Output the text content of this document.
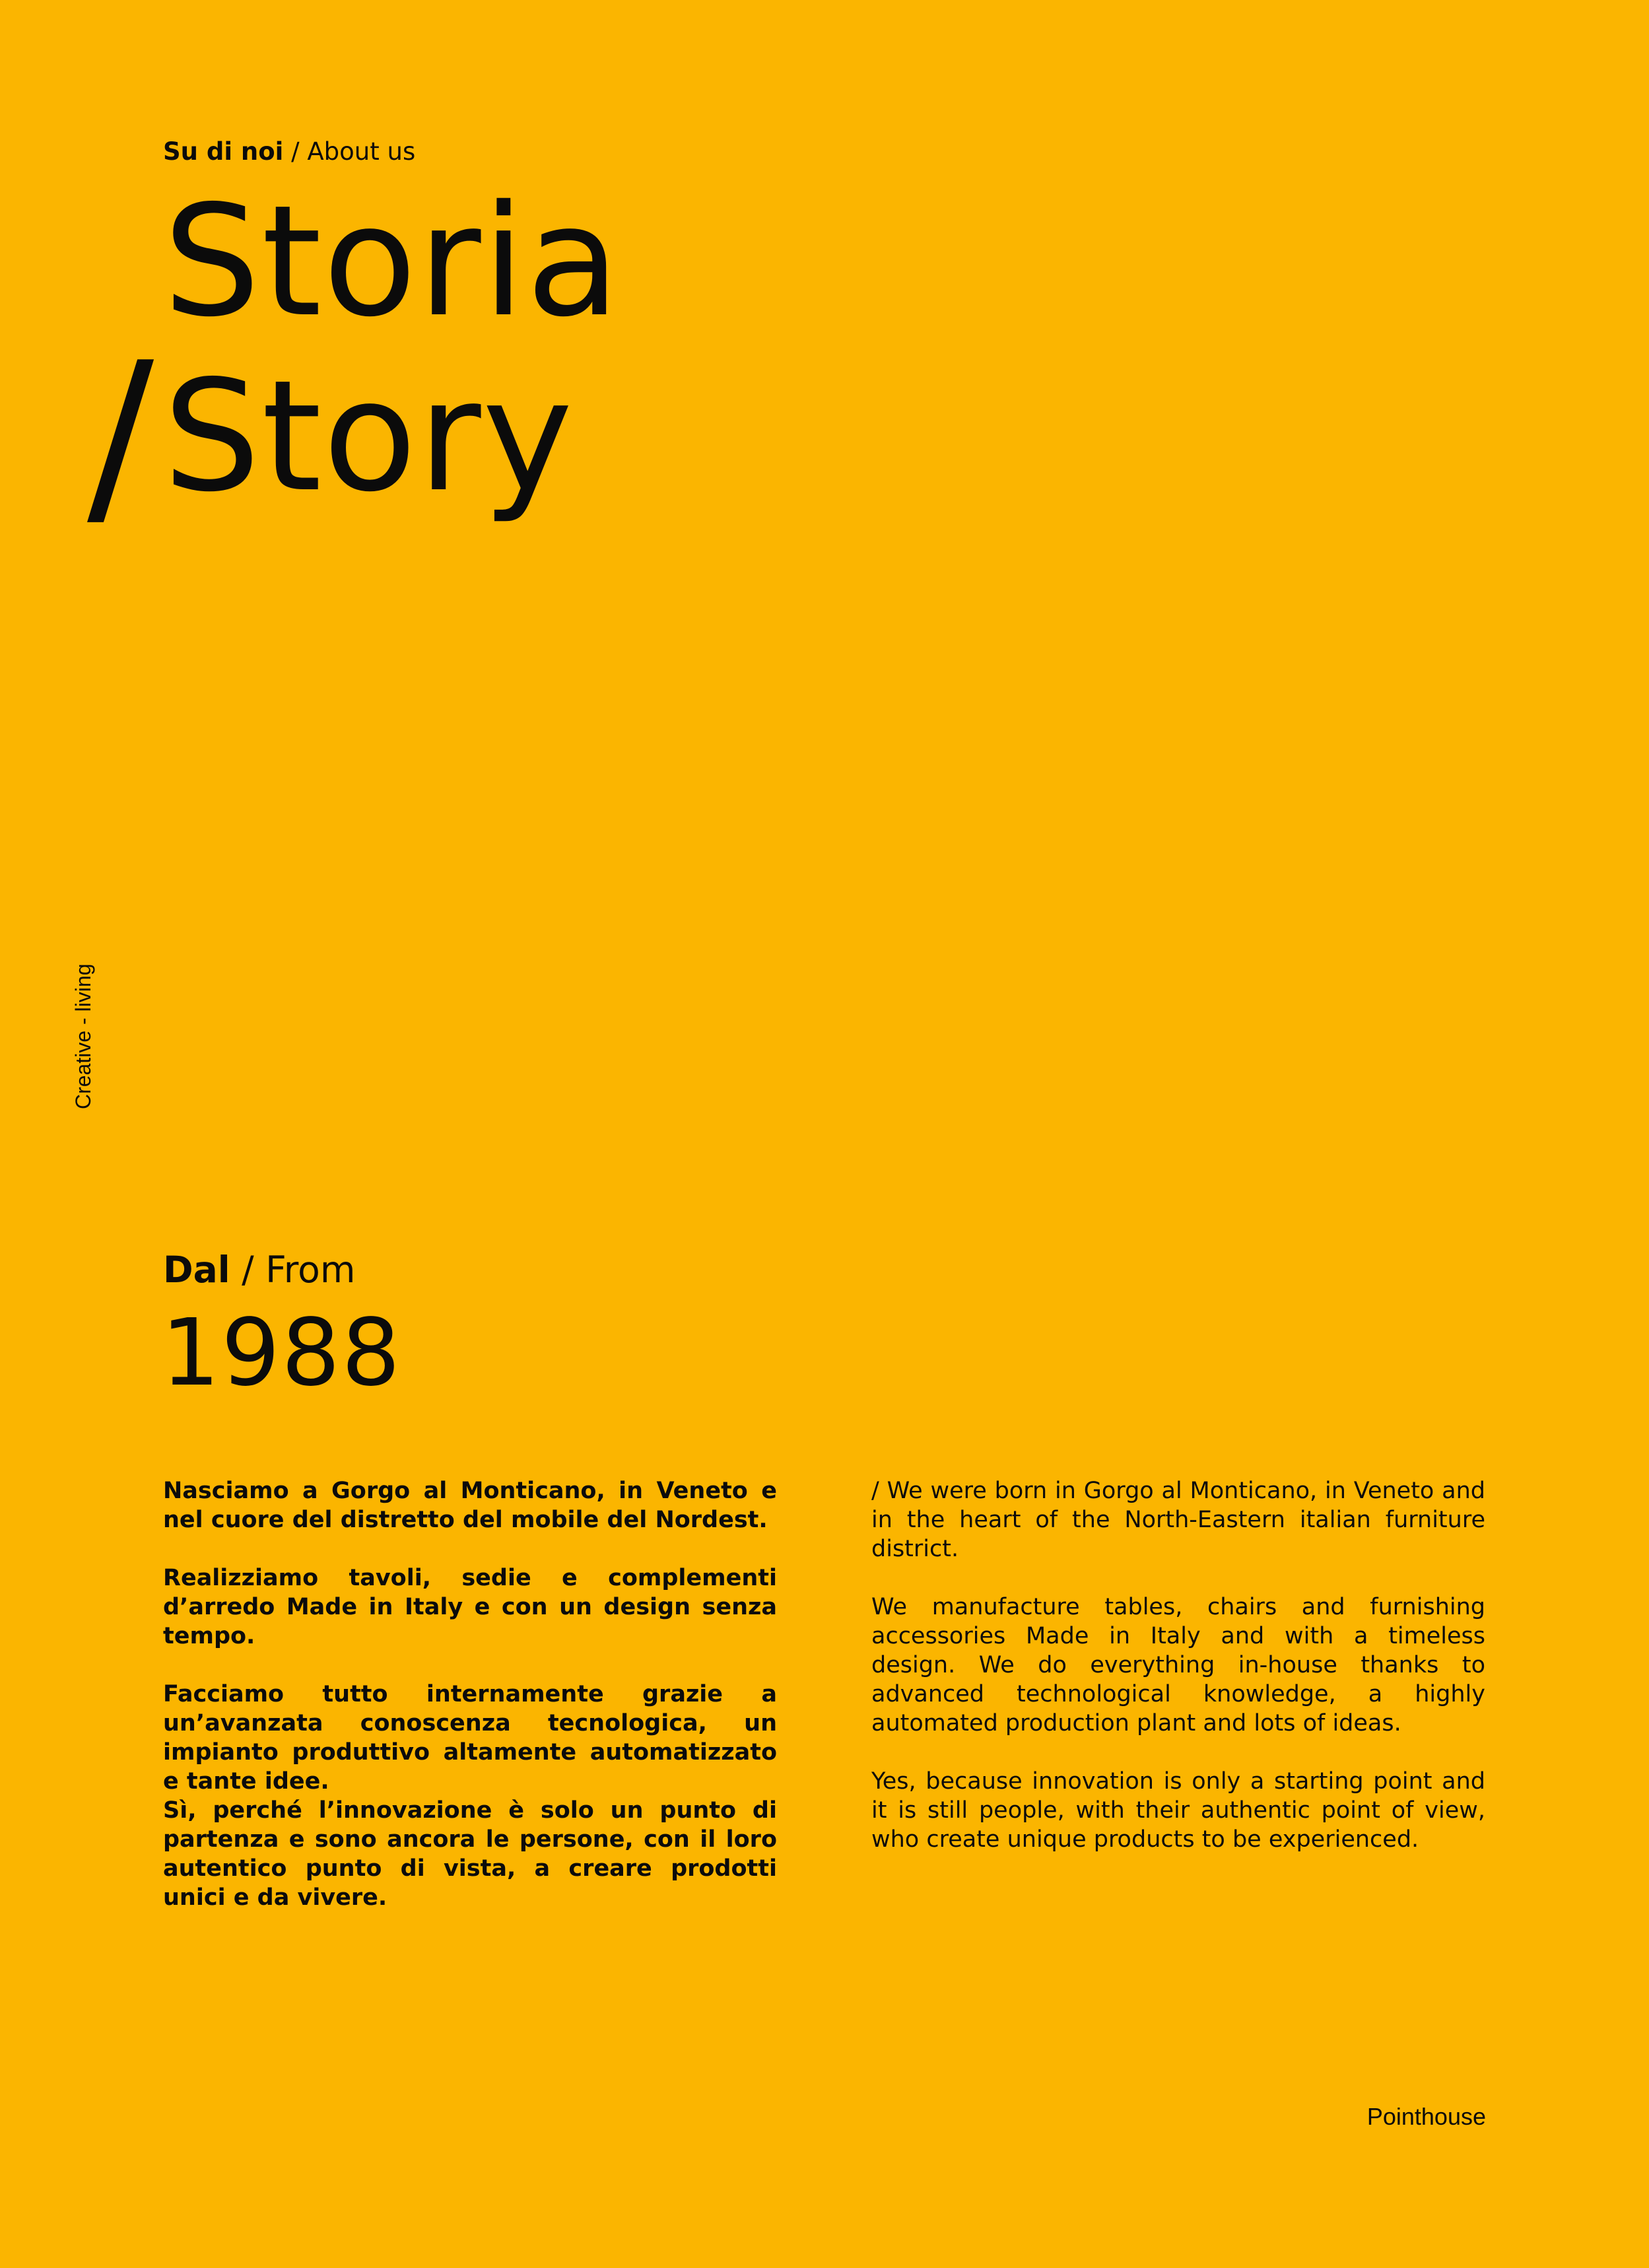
Su di noi / About us
Storia
/ Story
Creative - living
Dal / From
1988

Nasciamo a Gorgo al Monticano, in Veneto e nel cuore del distretto del mobile del Nordest.

Realizziamo tavoli, sedie e complementi d’arredo Made in Italy e con un design senza tempo.

Facciamo tutto internamente grazie a un’avanzata conoscenza tecnologica, un impianto produttivo altamente automatizzato e tante idee.
Sì, perché l’innovazione è solo un punto di partenza e sono ancora le persone, con il loro autentico punto di vista, a creare prodotti unici e da vivere.

/ We were born in Gorgo al Monticano, in Veneto and in the heart of the North-Eastern italian furniture district.

We manufacture tables, chairs and furnishing accessories Made in Italy and with a timeless design. We do everything in-house thanks to advanced technological knowledge, a highly automated production plant and lots of ideas.

Yes, because innovation is only a starting point and it is still people, with their authentic point of view, who create unique products to be experienced.

Pointhouse
